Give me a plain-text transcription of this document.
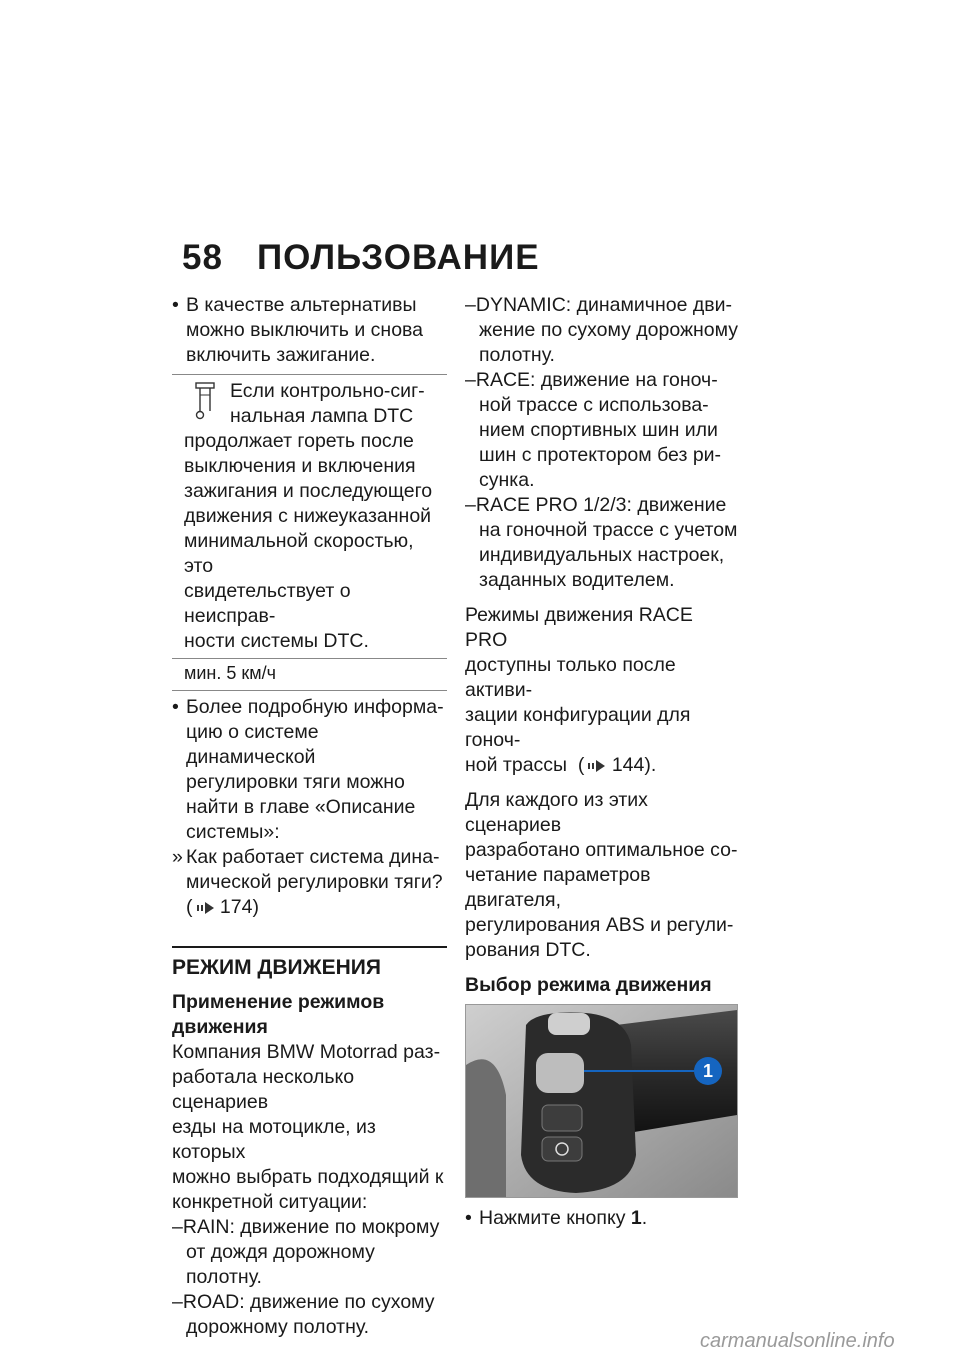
58 ПОЛЬЗОВАНИЕ
• В качестве альтернативы

можно выключить и снова

включить зажигание.

Если контрольно-сиг-

нальная лампа DTC

продолжает гореть после

выключения и включения

зажигания и последующего

движения с нижеуказанной

минимальной скоростью, это

свидетельствует о неисправ-

ности системы DTC.

мин. 5 км/ч
• Более подробную информа-

цию о системе динамической

регулировки тяги можно

найти в главе «Описание

системы»:

» Как работает система дина-

мической регулировки тяги?

( 174)

РЕЖИМ ДВИЖЕНИЯ

Применение режимов

движения

Компания BMW Motorrad раз-

работала несколько сценариев

езды на мотоцикле, из которых

можно выбрать подходящий к

конкретной ситуации:

–RAIN: движение по мокрому

от дождя дорожному полотну.

–ROAD: движение по сухому

дорожному полотну.

–DYNAMIC: динамичное дви-

жение по сухому дорожному

полотну.

–RACE: движение на гоноч-

ной трассе с использова-

нием спортивных шин или

шин с протектором без ри-

сунка.

–RACE PRO 1/2/3: движение

на гоночной трассе с учетом

индивидуальных настроек,

заданных водителем.

Режимы движения RACE PRO

доступны только после активи-

зации конфигурации для гоноч-

ной трассы  ( 144).

Для каждого из этих сценариев

разработано оптимальное со-

четание параметров двигателя,

регулирования ABS и регули-

рования DTC.

Выбор режима движения
1
• Нажмите кнопку 1.

carmanualsonline.info
